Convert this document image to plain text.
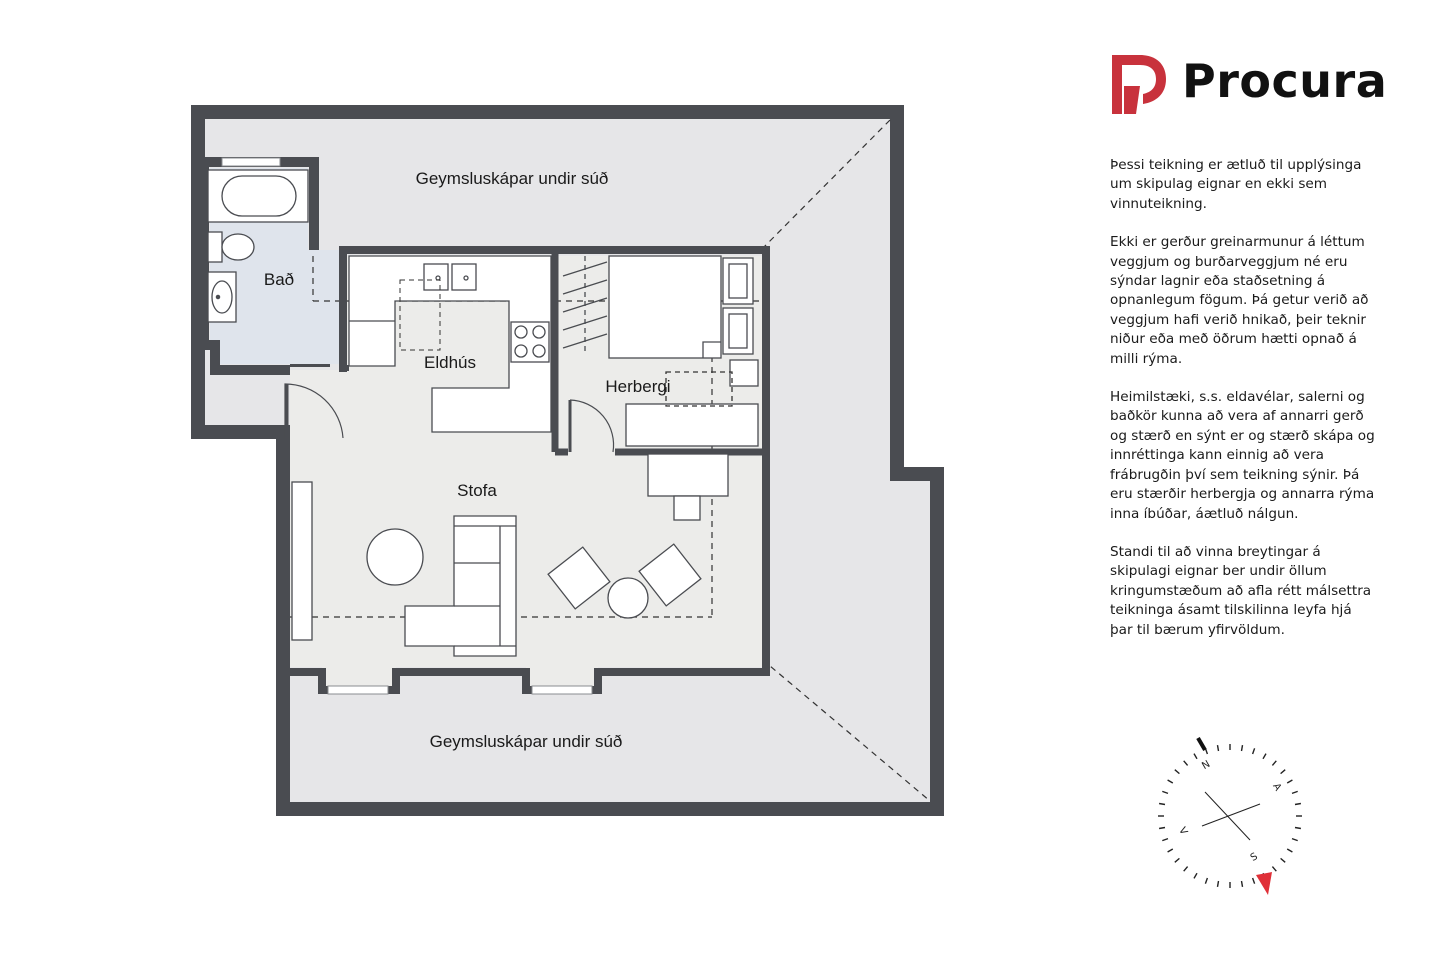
Geymsluskápar undir súð
Geymsluskápar undir súð
Bað
Eldhús
Herbergi
Stofa
Procura

Þessi teikning er ætluð til upplýsinga um skipulag eignar en ekki sem vinnuteikning.

Ekki er gerður greinarmunur á léttum veggjum og burðarveggjum né eru sýndar lagnir eða staðsetning á opnanlegum fögum. Þá getur verið að veggjum hafi verið hnikað, þeir teknir niður eða með öðrum hætti opnað á milli rýma.

Heimilstæki, s.s. eldavélar, salerni og baðkör kunna að vera af annarri gerð og stærð en sýnt er og stærð skápa og innréttinga kann einnig að vera frábrugðin því sem teikning sýnir. Þá eru stærðir herbergja og annarra rýma inna íbúðar, áætluð nálgun.

Standi til að vinna breytingar á skipulagi eignar ber undir öllum kringumstæðum að afla rétt málsettra teikninga ásamt tilskilinna leyfa hjá þar til bærum yfirvöldum.

N
A
S
V
